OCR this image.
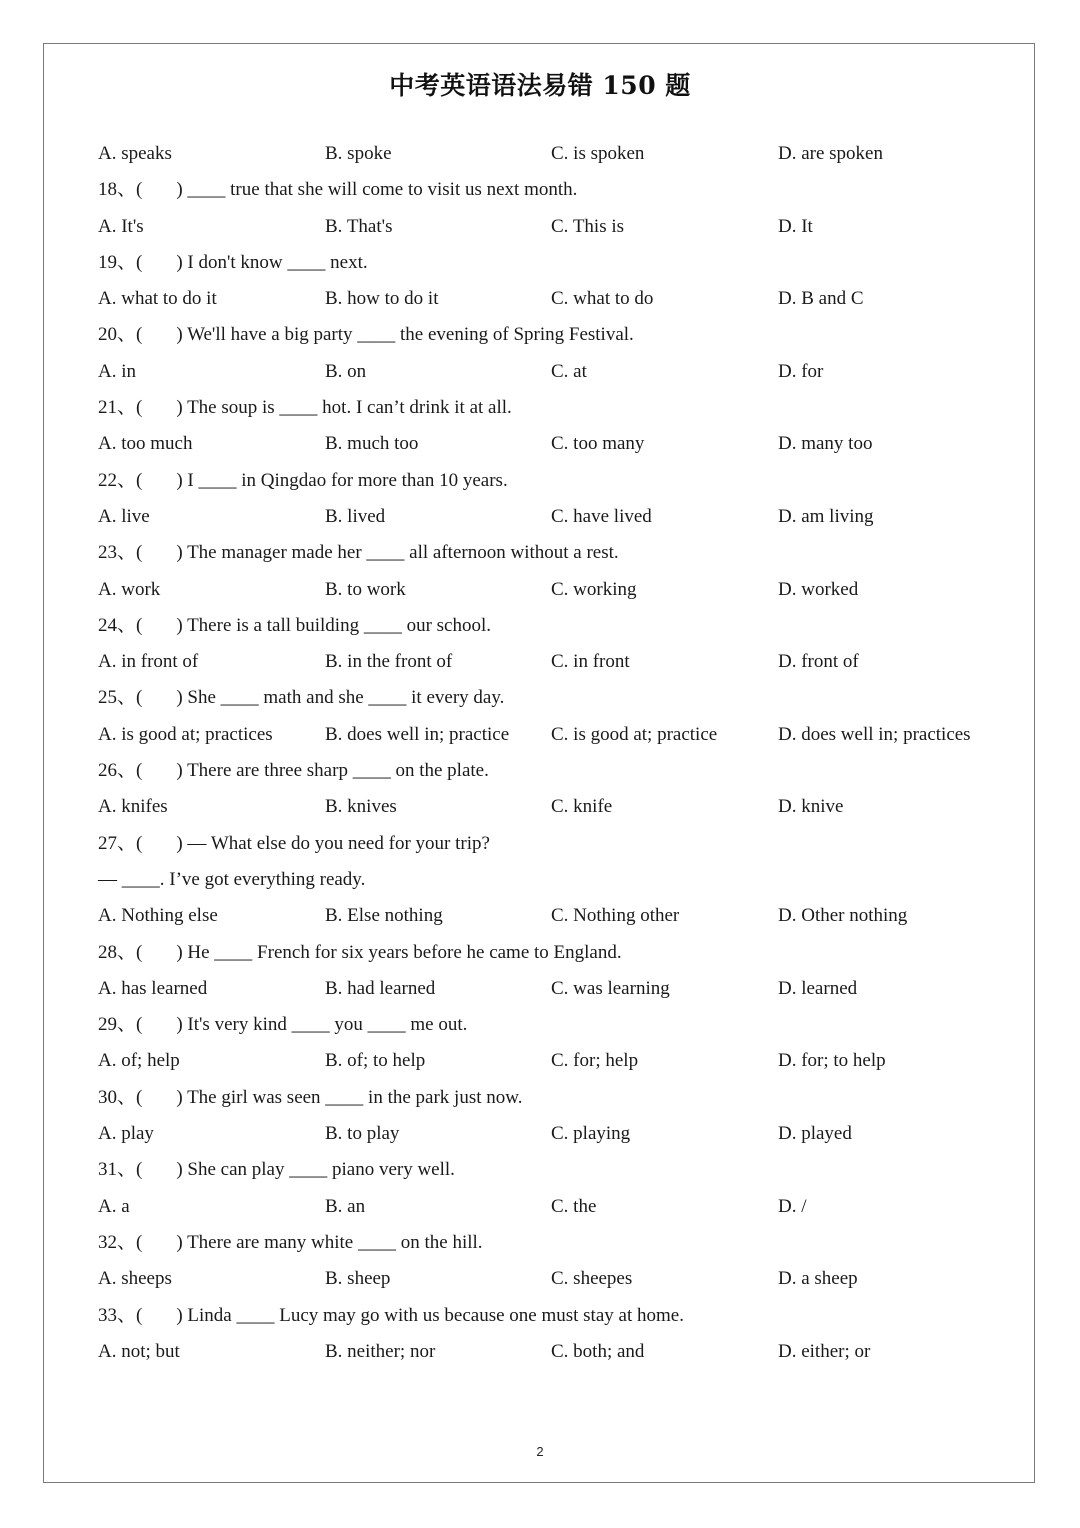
中考英语语法易错 150 题
A. speaks	B. spoke	C. is spoken	D. are spoken
18、( ) ____ true that she will come to visit us next month.
A. It's	B. That's	C. This is	D. It
19、( ) I don't know ____ next.
A. what to do it	B. how to do it	C. what to do	D. B and C
20、( ) We'll have a big party ____ the evening of Spring Festival.
A. in	B. on	C. at	D. for
21、( ) The soup is ____ hot. I can’t drink it at all.
A. too much	B. much too	C. too many	D. many too
22、( ) I ____ in Qingdao for more than 10 years.
A. live	B. lived	C. have lived	D. am living
23、( ) The manager made her ____ all afternoon without a rest.
A. work	B. to work	C. working	D. worked
24、( ) There is a tall building ____ our school.
A. in front of	B. in the front of	C. in front	D. front of
25、( ) She ____ math and she ____ it every day.
A. is good at; practices	B. does well in; practice C. is good at; practice	D. does well in; practices
26、( ) There are three sharp ____ on the plate.
A. knifes	B. knives	C. knife	D. knive
27、( ) — What else do you need for your trip?
— ____. I’ve got everything ready.
A. Nothing else	B. Else nothing	C. Nothing other	D. Other nothing
28、( ) He ____ French for six years before he came to England.
A. has learned	B. had learned	C. was learning	D. learned
29、( ) It's very kind ____ you ____ me out.
A. of; help	B. of; to help	C. for; help	D. for; to help
30、( ) The girl was seen ____ in the park just now.
A. play	B. to play	C. playing	D. played
31、( ) She can play ____ piano very well.
A. a	B. an	C. the	D. /
32、( ) There are many white ____ on the hill.
A. sheeps	B. sheep	C. sheepes	D. a sheep
33、( ) Linda ____ Lucy may go with us because one must stay at home.
A. not; but	B. neither; nor	C. both; and	D. either; or
2
